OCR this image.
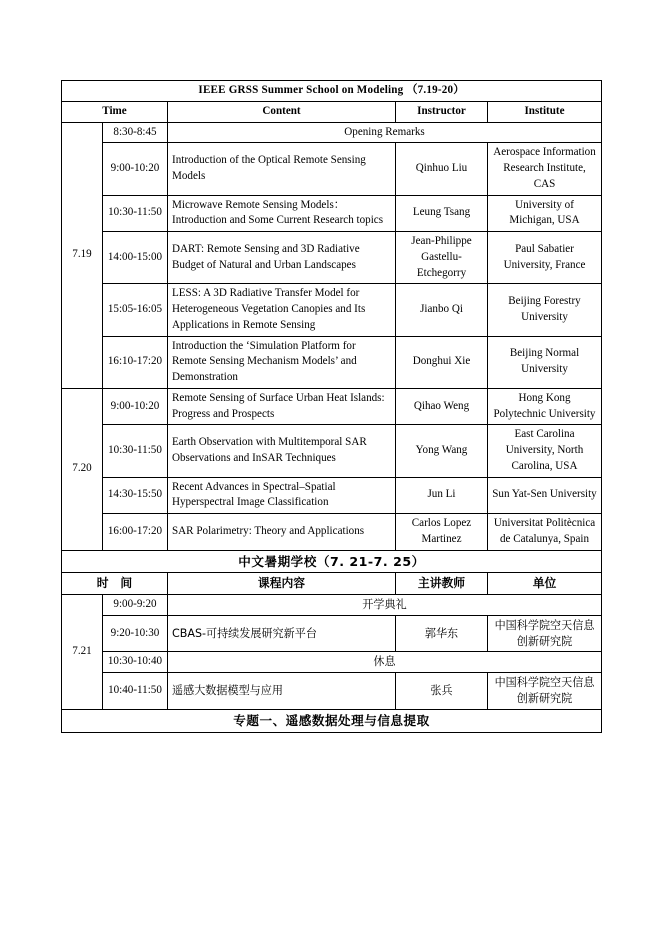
IEEE GRSS Summer School on Modeling （7.19-20）				
Time		Content	Instructor	Institute
7.19	8:30-8:45	Opening Remarks		
	9:00-10:20	Introduction of the Optical Remote Sensing Models	Qinhuo Liu	Aerospace Information Research Institute, CAS
	10:30-11:50	Microwave Remote Sensing Models： Introduction and Some Current Research topics	Leung Tsang	University of Michigan, USA
	14:00-15:00	DART: Remote Sensing and 3D Radiative Budget of Natural and Urban Landscapes	Jean-Philippe Gastellu-Etchegorry	Paul Sabatier University, France
	15:05-16:05	LESS: A 3D Radiative Transfer Model for Heterogeneous Vegetation Canopies and Its Applications in Remote Sensing	Jianbo Qi	Beijing Forestry University
	16:10-17:20	Introduction the ‘Simulation Platform for Remote Sensing Mechanism Models’ and Demonstration	Donghui Xie	Beijing Normal University
7.20	9:00-10:20	Remote Sensing of Surface Urban Heat Islands: Progress and Prospects	Qihao Weng	Hong Kong Polytechnic University
	10:30-11:50	Earth Observation with Multitemporal SAR Observations and InSAR Techniques	Yong Wang	East Carolina University, North Carolina, USA
	14:30-15:50	Recent Advances in Spectral–Spatial Hyperspectral Image Classification	Jun Li	Sun Yat-Sen University
	16:00-17:20	SAR Polarimetry: Theory and Applications	Carlos Lopez Martinez	Universitat Politècnica de Catalunya, Spain
中文暑期学校（7. 21-7. 25）				
时　间		课程内容	主讲教师	单位
7.21	9:00-9:20	开学典礼		
	9:20-10:30	CBAS-可持续发展研究新平台	郭华东	中国科学院空天信息创新研究院
	10:30-10:40	休息		
	10:40-11:50	遥感大数据模型与应用	张兵	中国科学院空天信息创新研究院
专题一、遥感数据处理与信息提取				
